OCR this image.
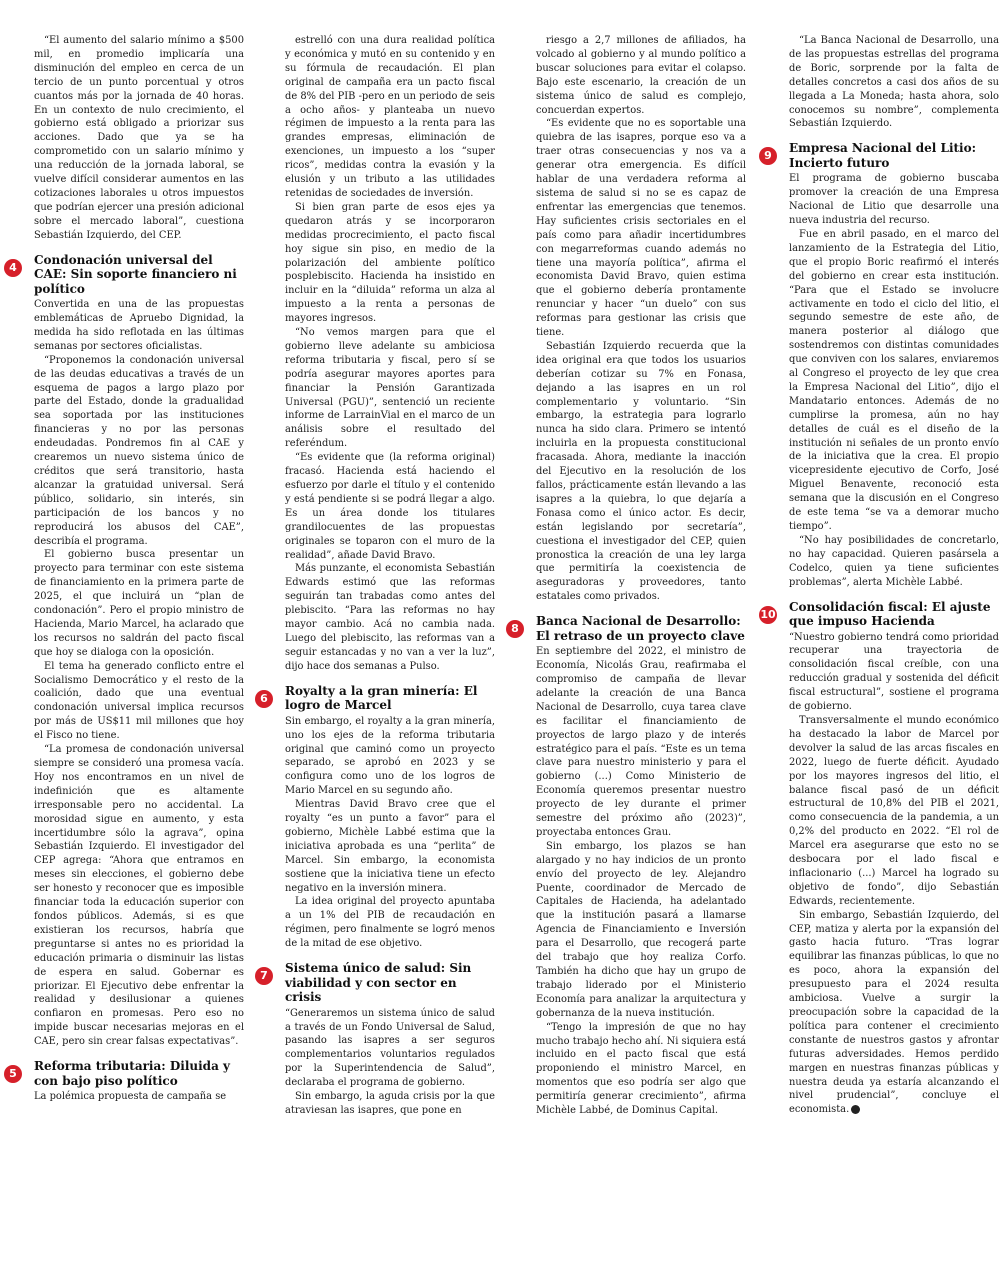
“El aumento del salario mínimo a $500 mil, en promedio implicaría una disminución del empleo en cerca de un tercio de un punto porcentual y otros cuantos más por la jornada de 40 horas. En un contexto de nulo crecimiento, el gobierno está obligado a priorizar sus acciones. Dado que ya se ha comprometido con un salario mínimo y una reducción de la jornada laboral, se vuelve difícil considerar aumentos en las cotizaciones laborales u otros impuestos que podrían ejercer una presión adicional sobre el mercado laboral”, cuestiona Sebastián Izquierdo, del CEP.

4
Condonación universal del CAE: Sin soporte financiero ni político

Convertida en una de las propuestas emblemáticas de Apruebo Dignidad, la medida ha sido reflotada en las últimas semanas por sectores oficialistas.

“Proponemos la condonación universal de las deudas educativas a través de un esquema de pagos a largo plazo por parte del Estado, donde la gradualidad sea soportada por las instituciones financieras y no por las personas endeudadas. Pondremos fin al CAE y crearemos un nuevo sistema único de créditos que será transitorio, hasta alcanzar la gratuidad universal. Será público, solidario, sin interés, sin participación de los bancos y no reproducirá los abusos del CAE”, describía el programa.

El gobierno busca presentar un proyecto para terminar con este sistema de financiamiento en la primera parte de 2025, el que incluirá un “plan de condonación”. Pero el propio ministro de Hacienda, Mario Marcel, ha aclarado que los recursos no saldrán del pacto fiscal que hoy se dialoga con la oposición.

El tema ha generado conflicto entre el Socialismo Democrático y el resto de la coalición, dado que una eventual condonación universal implica recursos por más de US$11 mil millones que hoy el Fisco no tiene.

“La promesa de condonación universal siempre se consideró una promesa vacía. Hoy nos encontramos en un nivel de indefinición que es altamente irresponsable pero no accidental. La morosidad sigue en aumento, y esta incertidumbre sólo la agrava”, opina Sebastián Izquierdo. El investigador del CEP agrega: “Ahora que entramos en meses sin elecciones, el gobierno debe ser honesto y reconocer que es imposible financiar toda la educación superior con fondos públicos. Además, si es que existieran los recursos, habría que preguntarse si antes no es prioridad la educación primaria o disminuir las listas de espera en salud. Gobernar es priorizar. El Ejecutivo debe enfrentar la realidad y desilusionar a quienes confiaron en promesas. Pero eso no impide buscar necesarias mejoras en el CAE, pero sin crear falsas expectativas”.

5
Reforma tributaria: Diluida y con bajo piso político

La polémica propuesta de campaña se

estrelló con una dura realidad política y económica y mutó en su contenido y en su fórmula de recaudación. El plan original de campaña era un pacto fiscal de 8% del PIB -pero en un periodo de seis a ocho años- y planteaba un nuevo régimen de impuesto a la renta para las grandes empresas, eliminación de exenciones, un impuesto a los “super ricos”, medidas contra la evasión y la elusión y un tributo a las utilidades retenidas de sociedades de inversión.

Si bien gran parte de esos ejes ya quedaron atrás y se incorporaron medidas procrecimiento, el pacto fiscal hoy sigue sin piso, en medio de la polarización del ambiente político posplebiscito. Hacienda ha insistido en incluir en la “diluida” reforma un alza al impuesto a la renta a personas de mayores ingresos.

“No vemos margen para que el gobierno lleve adelante su ambiciosa reforma tributaria y fiscal, pero sí se podría asegurar mayores aportes para financiar la Pensión Garantizada Universal (PGU)”, sentenció un reciente informe de LarrainVial en el marco de un análisis sobre el resultado del referéndum.

“Es evidente que (la reforma original) fracasó. Hacienda está haciendo el esfuerzo por darle el título y el contenido y está pendiente si se podrá llegar a algo. Es un área donde los titulares grandilocuentes de las propuestas originales se toparon con el muro de la realidad”, añade David Bravo.

Más punzante, el economista Sebastián Edwards estimó que las reformas seguirán tan trabadas como antes del plebiscito. “Para las reformas no hay mayor cambio. Acá no cambia nada. Luego del plebiscito, las reformas van a seguir estancadas y no van a ver la luz”, dijo hace dos semanas a Pulso.

6
Royalty a la gran minería: El logro de Marcel

Sin embargo, el royalty a la gran minería, uno los ejes de la reforma tributaria original que caminó como un proyecto separado, se aprobó en 2023 y se configura como uno de los logros de Mario Marcel en su segundo año.

Mientras David Bravo cree que el royalty “es un punto a favor” para el gobierno, Michèle Labbé estima que la iniciativa aprobada es una “perlita” de Marcel. Sin embargo, la economista sostiene que la iniciativa tiene un efecto negativo en la inversión minera.

La idea original del proyecto apuntaba a un 1% del PIB de recaudación en régimen, pero finalmente se logró menos de la mitad de ese objetivo.

7
Sistema único de salud: Sin viabilidad y con sector en crisis

“Generaremos un sistema único de salud a través de un Fondo Universal de Salud, pasando las isapres a ser seguros complementarios voluntarios regulados por la Superintendencia de Salud”, declaraba el programa de gobierno.

Sin embargo, la aguda crisis por la que atraviesan las isapres, que pone en

riesgo a 2,7 millones de afiliados, ha volcado al gobierno y al mundo político a buscar soluciones para evitar el colapso. Bajo este escenario, la creación de un sistema único de salud es complejo, concuerdan expertos.

“Es evidente que no es soportable una quiebra de las isapres, porque eso va a traer otras consecuencias y nos va a generar otra emergencia. Es difícil hablar de una verdadera reforma al sistema de salud si no se es capaz de enfrentar las emergencias que tenemos. Hay suficientes crisis sectoriales en el país como para añadir incertidumbres con megarreformas cuando además no tiene una mayoría política”, afirma el economista David Bravo, quien estima que el gobierno debería prontamente renunciar y hacer “un duelo” con sus reformas para gestionar las crisis que tiene.

Sebastián Izquierdo recuerda que la idea original era que todos los usuarios deberían cotizar su 7% en Fonasa, dejando a las isapres en un rol complementario y voluntario. “Sin embargo, la estrategia para lograrlo nunca ha sido clara. Primero se intentó incluirla en la propuesta constitucional fracasada. Ahora, mediante la inacción del Ejecutivo en la resolución de los fallos, prácticamente están llevando a las isapres a la quiebra, lo que dejaría a Fonasa como el único actor. Es decir, están legislando por secretaría”, cuestiona el investigador del CEP, quien pronostica la creación de una ley larga que permitiría la coexistencia de aseguradoras y proveedores, tanto estatales como privados.

8
Banca Nacional de Desarrollo: El retraso de un proyecto clave

En septiembre del 2022, el ministro de Economía, Nicolás Grau, reafirmaba el compromiso de campaña de llevar adelante la creación de una Banca Nacional de Desarrollo, cuya tarea clave es facilitar el financiamiento de proyectos de largo plazo y de interés estratégico para el país. “Este es un tema clave para nuestro ministerio y para el gobierno (...) Como Ministerio de Economía queremos presentar nuestro proyecto de ley durante el primer semestre del próximo año (2023)”, proyectaba entonces Grau.

Sin embargo, los plazos se han alargado y no hay indicios de un pronto envío del proyecto de ley. Alejandro Puente, coordinador de Mercado de Capitales de Hacienda, ha adelantado que la institución pasará a llamarse Agencia de Financiamiento e Inversión para el Desarrollo, que recogerá parte del trabajo que hoy realiza Corfo. También ha dicho que hay un grupo de trabajo liderado por el Ministerio Economía para analizar la arquitectura y gobernanza de la nueva institución.

“Tengo la impresión de que no hay mucho trabajo hecho ahí. Ni siquiera está incluido en el pacto fiscal que está proponiendo el ministro Marcel, en momentos que eso podría ser algo que permitiría generar crecimiento”, afirma Michèle Labbé, de Dominus Capital.

“La Banca Nacional de Desarrollo, una de las propuestas estrellas del programa de Boric, sorprende por la falta de detalles concretos a casi dos años de su llegada a La Moneda; hasta ahora, solo conocemos su nombre”, complementa Sebastián Izquierdo.

9
Empresa Nacional del Litio: Incierto futuro

El programa de gobierno buscaba promover la creación de una Empresa Nacional de Litio que desarrolle una nueva industria del recurso.

Fue en abril pasado, en el marco del lanzamiento de la Estrategia del Litio, que el propio Boric reafirmó el interés del gobierno en crear esta institución. “Para que el Estado se involucre activamente en todo el ciclo del litio, el segundo semestre de este año, de manera posterior al diálogo que sostendremos con distintas comunidades que conviven con los salares, enviaremos al Congreso el proyecto de ley que crea la Empresa Nacional del Litio”, dijo el Mandatario entonces. Además de no cumplirse la promesa, aún no hay detalles de cuál es el diseño de la institución ni señales de un pronto envío de la iniciativa que la crea. El propio vicepresidente ejecutivo de Corfo, José Miguel Benavente, reconoció esta semana que la discusión en el Congreso de este tema “se va a demorar mucho tiempo”.

“No hay posibilidades de concretarlo, no hay capacidad. Quieren pasársela a Codelco, quien ya tiene suficientes problemas”, alerta Michèle Labbé.

10
Consolidación fiscal: El ajuste que impuso Hacienda

“Nuestro gobierno tendrá como prioridad recuperar una trayectoria de consolidación fiscal creíble, con una reducción gradual y sostenida del déficit fiscal estructural”, sostiene el programa de gobierno.

Transversalmente el mundo económico ha destacado la labor de Marcel por devolver la salud de las arcas fiscales en 2022, luego de fuerte déficit. Ayudado por los mayores ingresos del litio, el balance fiscal pasó de un déficit estructural de 10,8% del PIB el 2021, como consecuencia de la pandemia, a un 0,2% del producto en 2022. “El rol de Marcel era asegurarse que esto no se desbocara por el lado fiscal e inflacionario (...) Marcel ha logrado su objetivo de fondo”, dijo Sebastián Edwards, recientemente.

Sin embargo, Sebastián Izquierdo, del CEP, matiza y alerta por la expansión del gasto hacia futuro. “Tras lograr equilibrar las finanzas públicas, lo que no es poco, ahora la expansión del presupuesto para el 2024 resulta ambiciosa. Vuelve a surgir la preocupación sobre la capacidad de la política para contener el crecimiento constante de nuestros gastos y afrontar futuras adversidades. Hemos perdido margen en nuestras finanzas públicas y nuestra deuda ya estaría alcanzando el nivel prudencial”, concluye el economista. ●
